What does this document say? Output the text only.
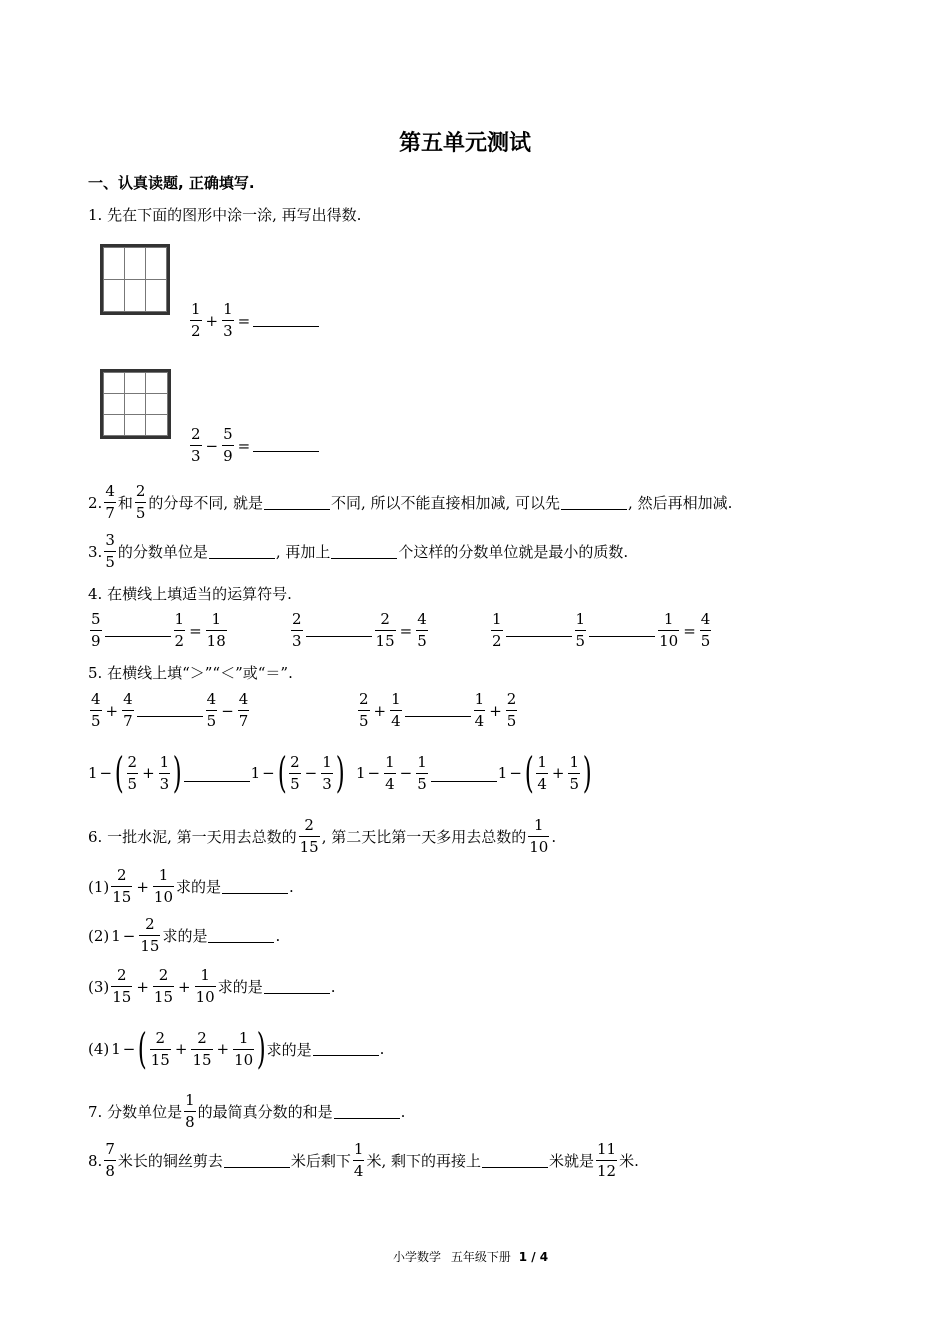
第五单元测试
一、认真读题, 正确填写.
1. 先在下面的图形中涂一涂, 再写出得数.
$\frac{1}{2} + \frac{1}{3}$ =
$\frac{2}{3} - \frac{5}{9}$ =
2. $\frac{4}{7}$ 和 $\frac{2}{5}$ 的分母不同, 就是	不同, 所以不能直接相加减, 可以先	, 然后再相加减.
3. $\frac{3}{5}$ 的分数单位是	, 再加上	个这样的分数单位就是最小的质数.
4. 在横线上填适当的运算符号.
$\frac{5}{9}$	$\frac{1}{2} = \frac{1}{18}$	$\frac{2}{3}$	$\frac{2}{15} = \frac{4}{5}$	$\frac{1}{2}$	$\frac{1}{5}$	$\frac{1}{10} = \frac{4}{5}$
5. 在横线上填“＞”“＜”或“＝”.
$\frac{4}{5} + \frac{4}{7}$	$\frac{4}{5} - \frac{4}{7}$	$\frac{2}{5} + \frac{1}{4}$	$\frac{1}{4} + \frac{2}{5}$
1 − ( $\frac{2}{5} + \frac{1}{3}$ )	1 − ( $\frac{2}{5} - \frac{1}{3}$ ) $1 - \frac{1}{4} - \frac{1}{5}$	1 − ( $\frac{1}{4} + \frac{1}{5}$ )
6. 一批水泥, 第一天用去总数的 $\frac{2}{15}$ , 第二天比第一天多用去总数的 $\frac{1}{10}$ .
$(1) \frac{2}{15} + \frac{1}{10}$ 求的是	.
(2) $1 - \frac{2}{15}$ 求的是	.
$(3) \frac{2}{15} + \frac{2}{15} + \frac{1}{10}$ 求的是	.
(4) 1 − ( $\frac{2}{15} + \frac{2}{15} + \frac{1}{10}$ ) 求的是	.
7. 分数单位是 $\frac{1}{8}$ 的最简真分数的和是	.
8. $\frac{7}{8}$ 米长的铜丝剪去	米后剩下 $\frac{1}{4}$ 米, 剩下的再接上	米就是 $\frac{11}{12}$ 米.
小学数学 五年级下册 1 / 4
